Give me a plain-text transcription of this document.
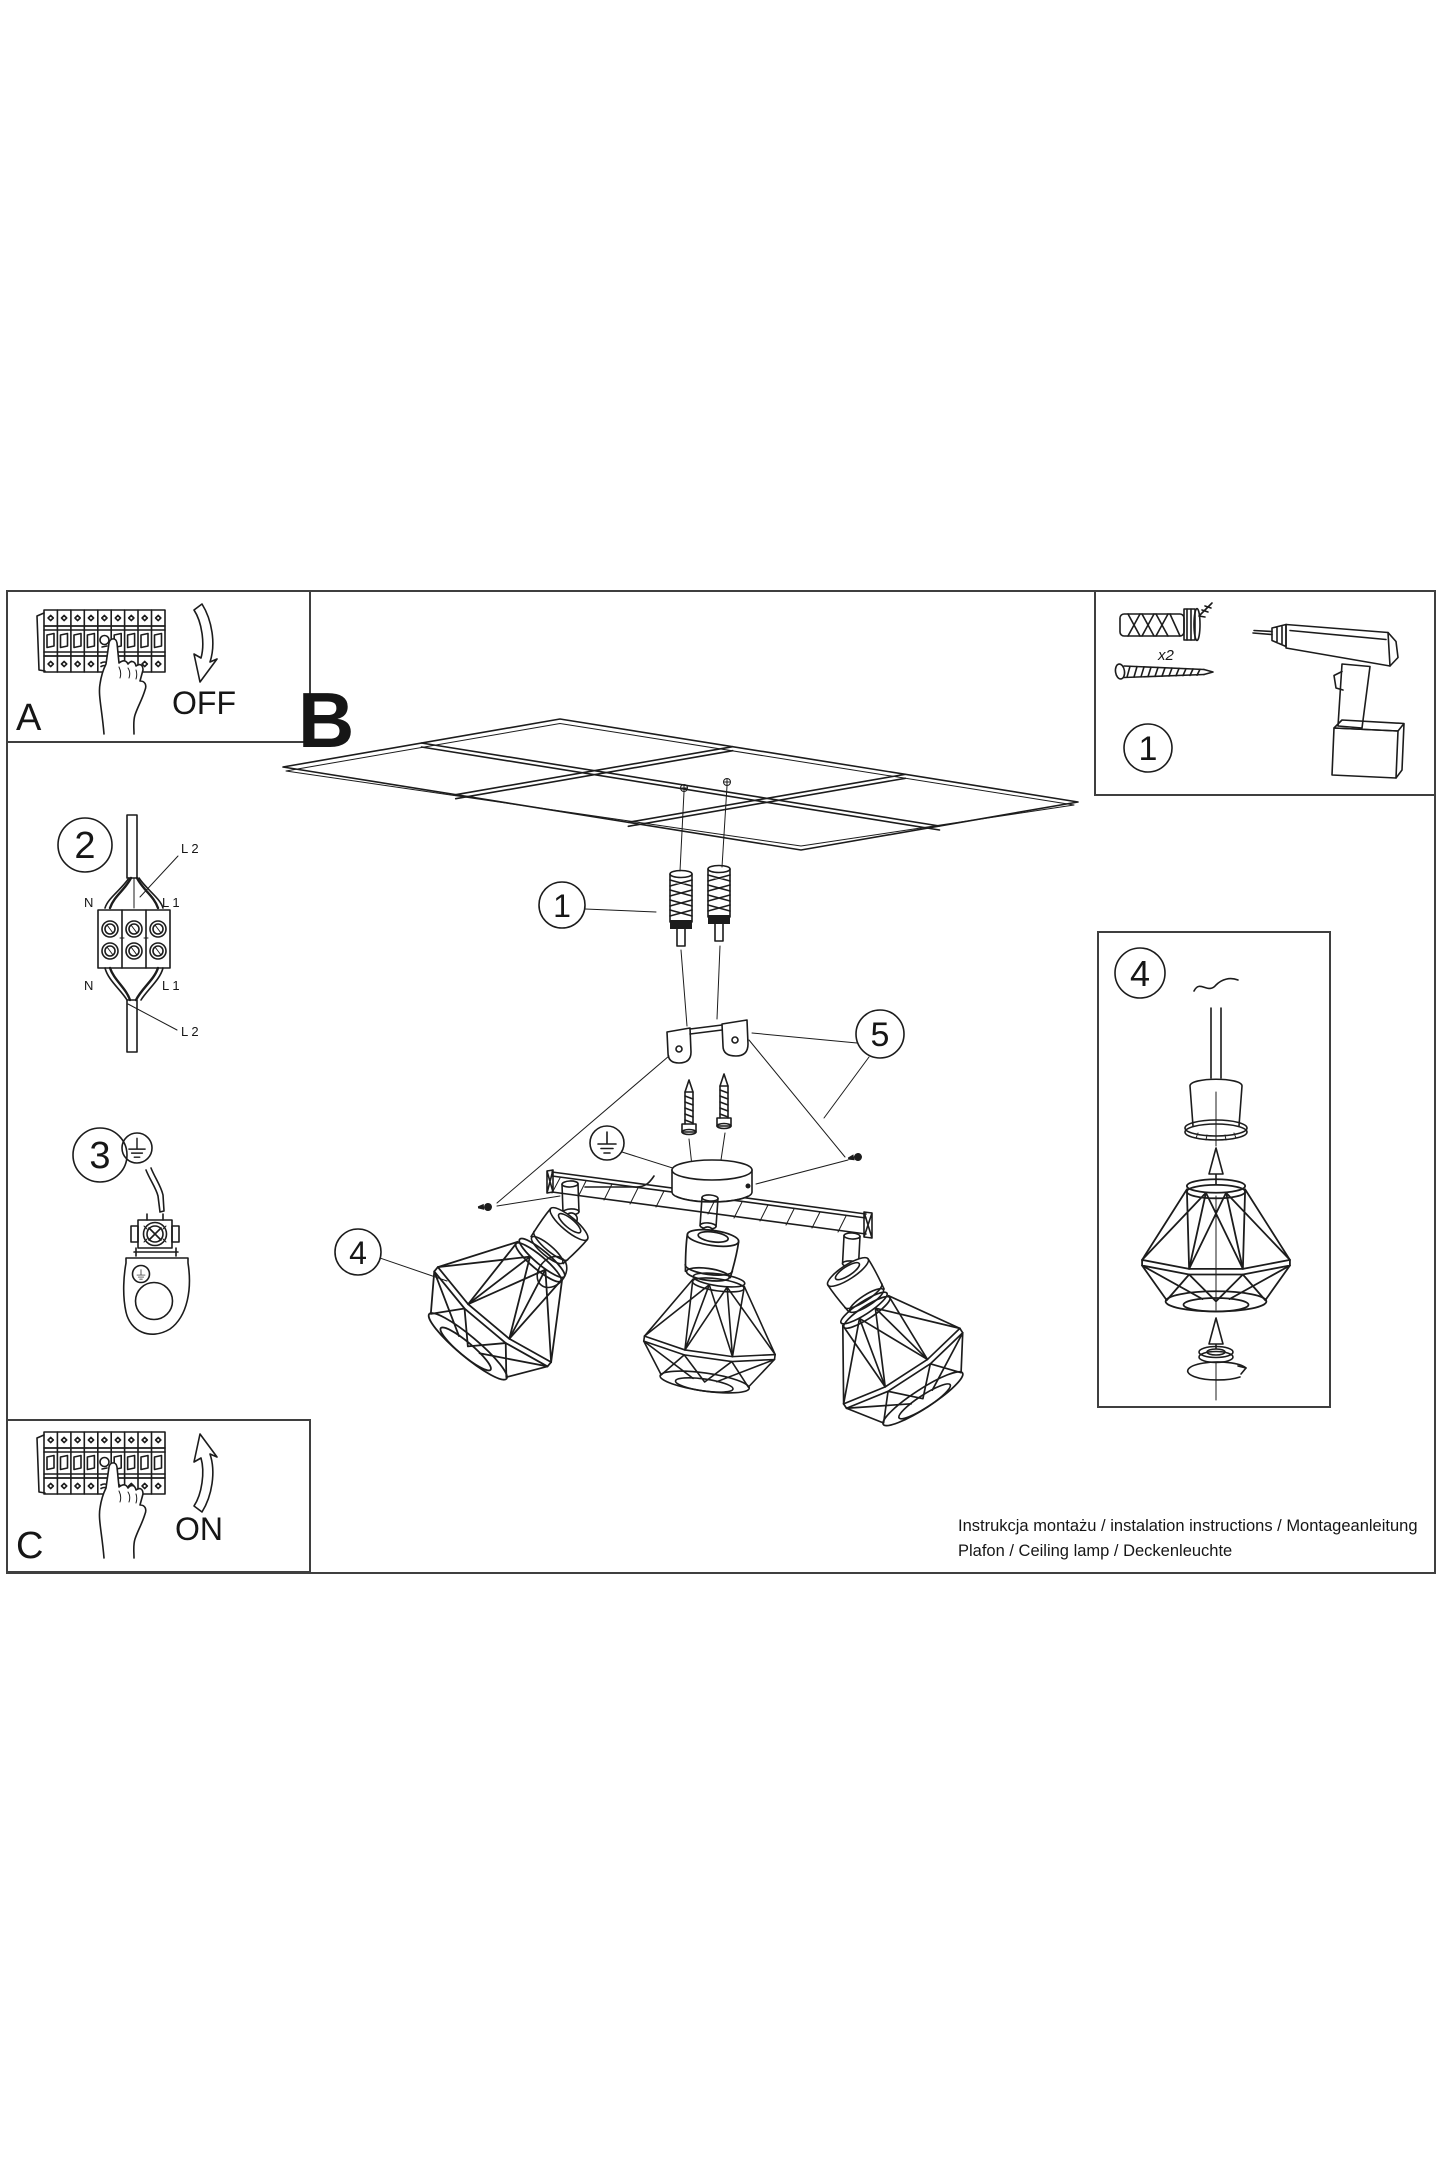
A	OFF
C	ON
x2
1
2	L 2
N	L 1
N	L 1
L 2
3
B
1
5
4
4
Instrukcja montażu / instalation instructions / Montageanleitung
Plafon / Ceiling lamp / Deckenleuchte
